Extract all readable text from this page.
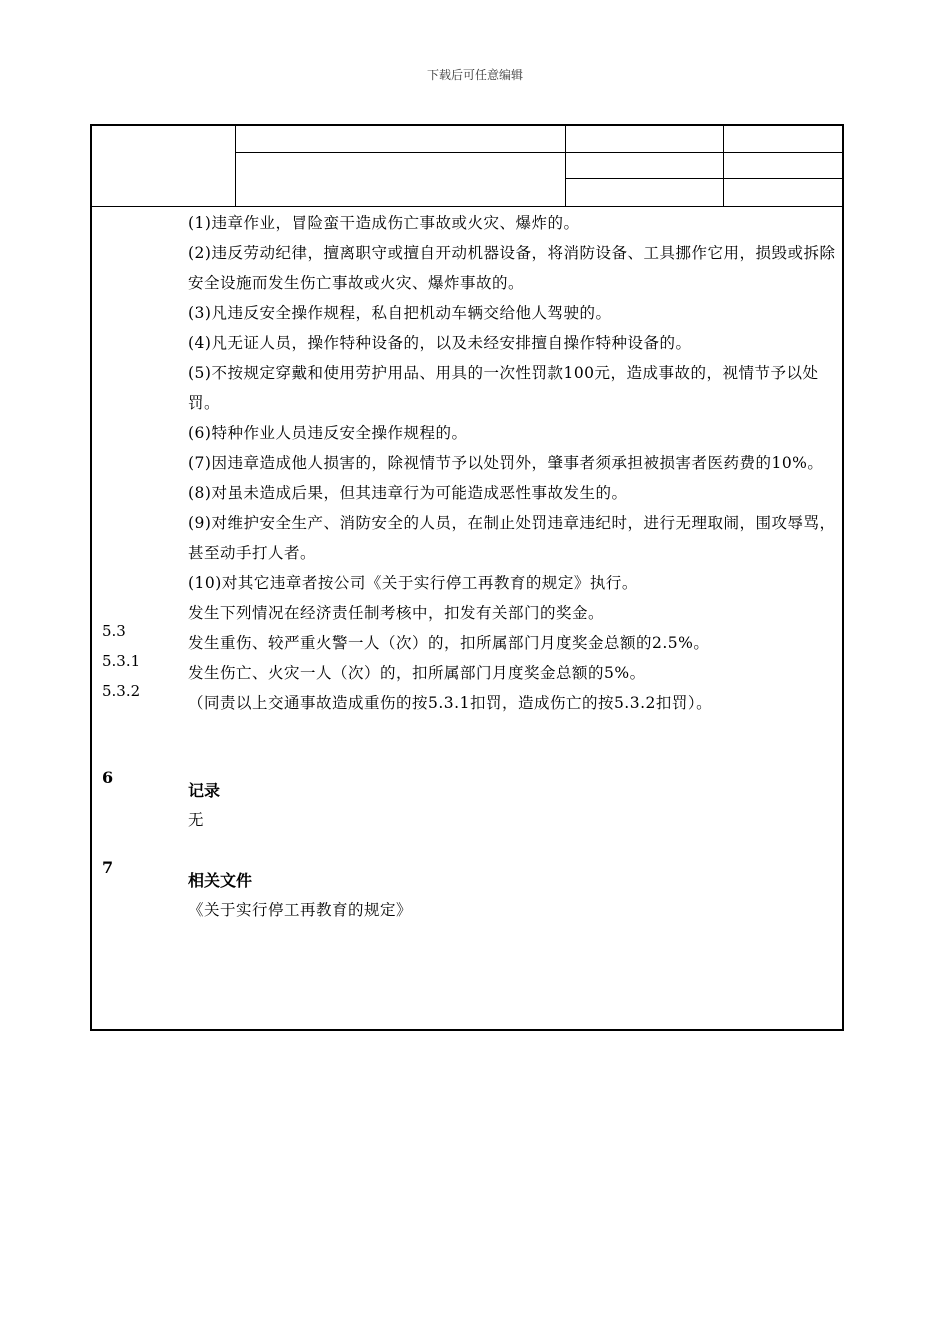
下载后可任意编辑

(1)违章作业，冒险蛮干造成伤亡事故或火灾、爆炸的。

(2)违反劳动纪律，擅离职守或擅自开动机器设备，将消防设备、工具挪作它用，损毁或拆除安全设施而发生伤亡事故或火灾、爆炸事故的。

(3)凡违反安全操作规程，私自把机动车辆交给他人驾驶的。

(4)凡无证人员，操作特种设备的，以及未经安排擅自操作特种设备的。

(5)不按规定穿戴和使用劳护用品、用具的一次性罚款100元，造成事故的，视情节予以处罚。

(6)特种作业人员违反安全操作规程的。

(7)因违章造成他人损害的，除视情节予以处罚外，肇事者须承担被损害者医药费的10%。

(8)对虽未造成后果，但其违章行为可能造成恶性事故发生的。

(9)对维护安全生产、消防安全的人员，在制止处罚违章违纪时，进行无理取闹，围攻辱骂，甚至动手打人者。

(10)对其它违章者按公司《关于实行停工再教育的规定》执行。

发生下列情况在经济责任制考核中，扣发有关部门的奖金。

发生重伤、较严重火警一人（次）的，扣所属部门月度奖金总额的2.5%。

发生伤亡、火灾一人（次）的，扣所属部门月度奖金总额的5%。

（同责以上交通事故造成重伤的按5.3.1扣罚，造成伤亡的按5.3.2扣罚）。

5.3
5.3.1
5.3.2
6
记录
无
7
相关文件
《关于实行停工再教育的规定》
